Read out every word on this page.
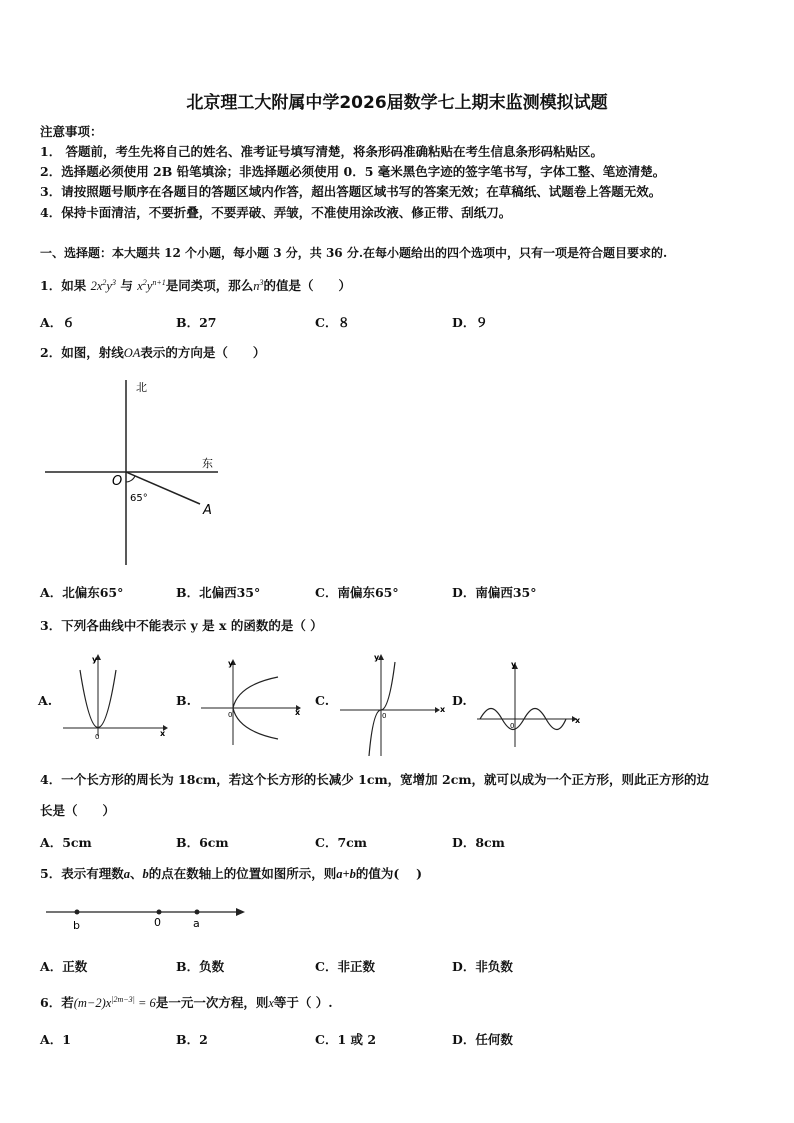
北京理工大附属中学2026届数学七上期末监测模拟试题
注意事项：
1． 答题前，考生先将自己的姓名、准考证号填写清楚，将条形码准确粘贴在考生信息条形码粘贴区。
2．选择题必须使用 2B 铅笔填涂；非选择题必须使用 0．5 毫米黑色字迹的签字笔书写，字体工整、笔迹清楚。
3．请按照题号顺序在各题目的答题区域内作答，超出答题区域书写的答案无效；在草稿纸、试题卷上答题无效。
4．保持卡面清洁，不要折叠，不要弄破、弄皱，不准使用涂改液、修正带、刮纸刀。
一、选择题：本大题共 12 个小题，每小题 3 分，共 36 分.在每小题给出的四个选项中，只有一项是符合题目要求的.
1．如果 $2x^2y^3$ 与 $x^2y^{n+1}$是同类项，那么$n^3$的值是（　　）
A．６	B．27	C．８	D．９
2．如图，射线OA表示的方向是（　　）
北
东
O
A
65°
A．北偏东65°	B．北偏西35°	C．南偏东65°	D．南偏西35°
3．下列各曲线中不能表示 y 是 x 的函数的是（ ）
A.
y
x
0
B.
y
x
0
C.
y
x
0
D.
y
x
0
4．一个长方形的周长为 18cm，若这个长方形的长减少 1cm，宽增加 2cm，就可以成为一个正方形，则此正方形的边
长是（　　）
A．5cm	B．6cm	C．7cm	D．8cm
5．表示有理数a、b的点在数轴上的位置如图所示，则a+b的值为(　 )
b	0	a
A．正数	B．负数	C．非正数	D．非负数
6．若$(m-2)x^{|2m-3|} = 6$是一元一次方程，则x等于（ ）.
A．1	B．2	C．1 或 2	D．任何数
